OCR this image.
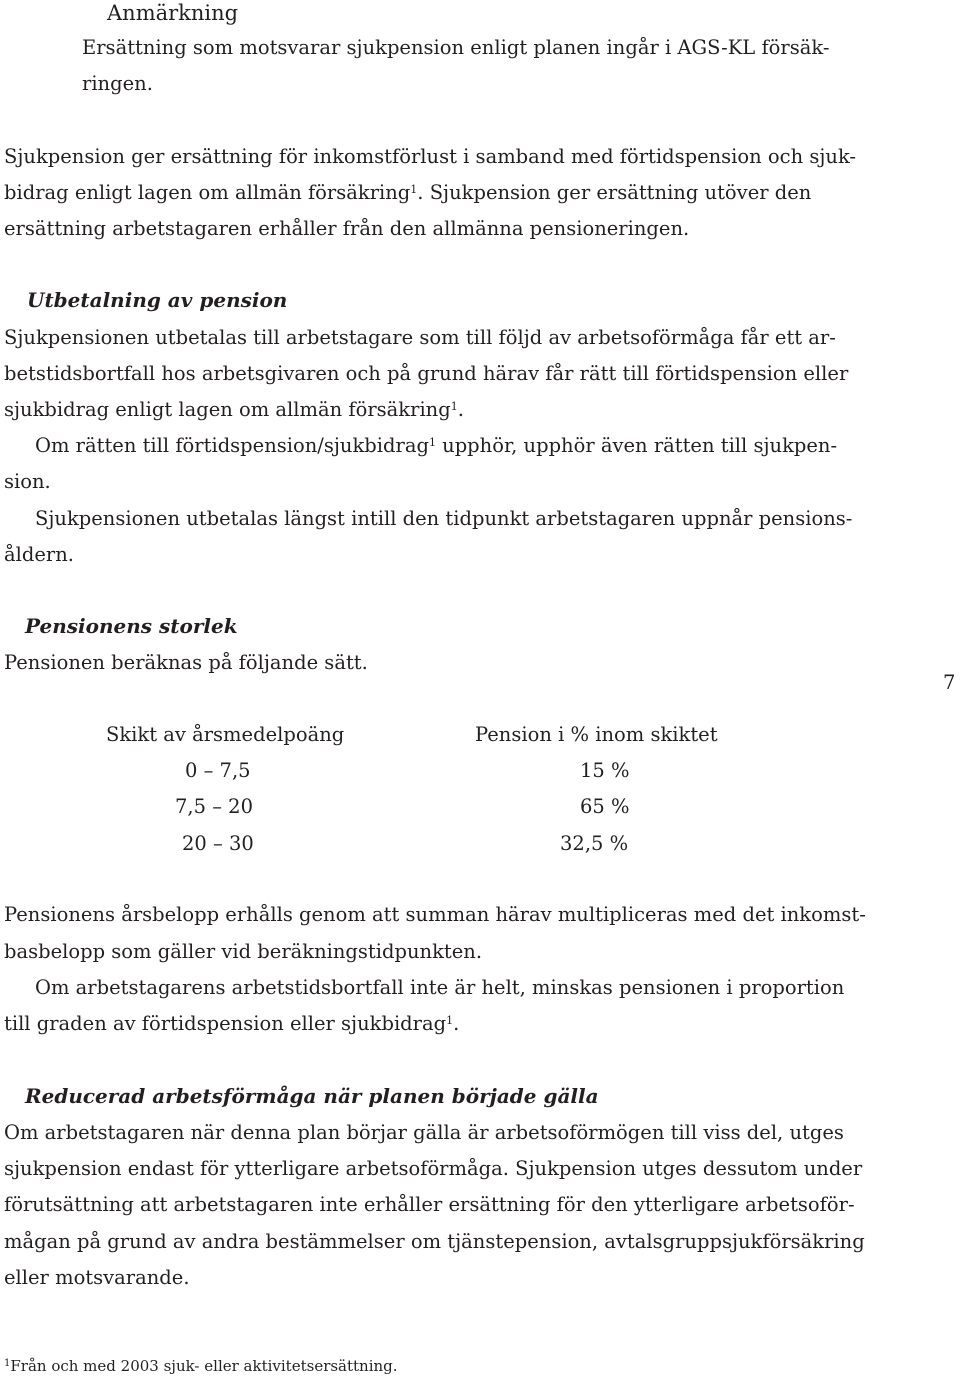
Anmärkning
Ersättning som motsvarar sjukpension enligt planen ingår i AGS-KL försäk-
ringen.
Sjukpension ger ersättning för inkomstförlust i samband med förtidspension och sjuk-
bidrag enligt lagen om allmän försäkring$^1$. Sjukpension ger ersättning utöver den
ersättning arbetstagaren erhåller från den allmänna pensioneringen.
Utbetalning av pension
Sjukpensionen utbetalas till arbetstagare som till följd av arbetsoförmåga får ett ar-
betstidsbortfall hos arbetsgivaren och på grund härav får rätt till förtidspension eller
sjukbidrag enligt lagen om allmän försäkring$^1$.
Om rätten till förtidspension/sjukbidrag$^1$ upphör, upphör även rätten till sjukpen-
sion.
Sjukpensionen utbetalas längst intill den tidpunkt arbetstagaren uppnår pensions-
åldern.
Pensionens storlek
Pensionen beräknas på följande sätt.
7
Skikt av årsmedelpoäng	Pension i % inom skiktet
0 – 7,5	15 %
7,5 – 20	65 %
20 – 30	32,5 %
Pensionens årsbelopp erhålls genom att summan härav multipliceras med det inkomst-
basbelopp som gäller vid beräkningstidpunkten.
Om arbetstagarens arbetstidsbortfall inte är helt, minskas pensionen i proportion
till graden av förtidspension eller sjukbidrag$^1$.
Reducerad arbetsförmåga när planen började gälla
Om arbetstagaren när denna plan börjar gälla är arbetsoförmögen till viss del, utges
sjukpension endast för ytterligare arbetsoförmåga. Sjukpension utges dessutom under
förutsättning att arbetstagaren inte erhåller ersättning för den ytterligare arbetsoför-
mågan på grund av andra bestämmelser om tjänstepension, avtalsgruppsjukförsäkring
eller motsvarande.
$^1$Från och med 2003 sjuk- eller aktivitetsersättning.
